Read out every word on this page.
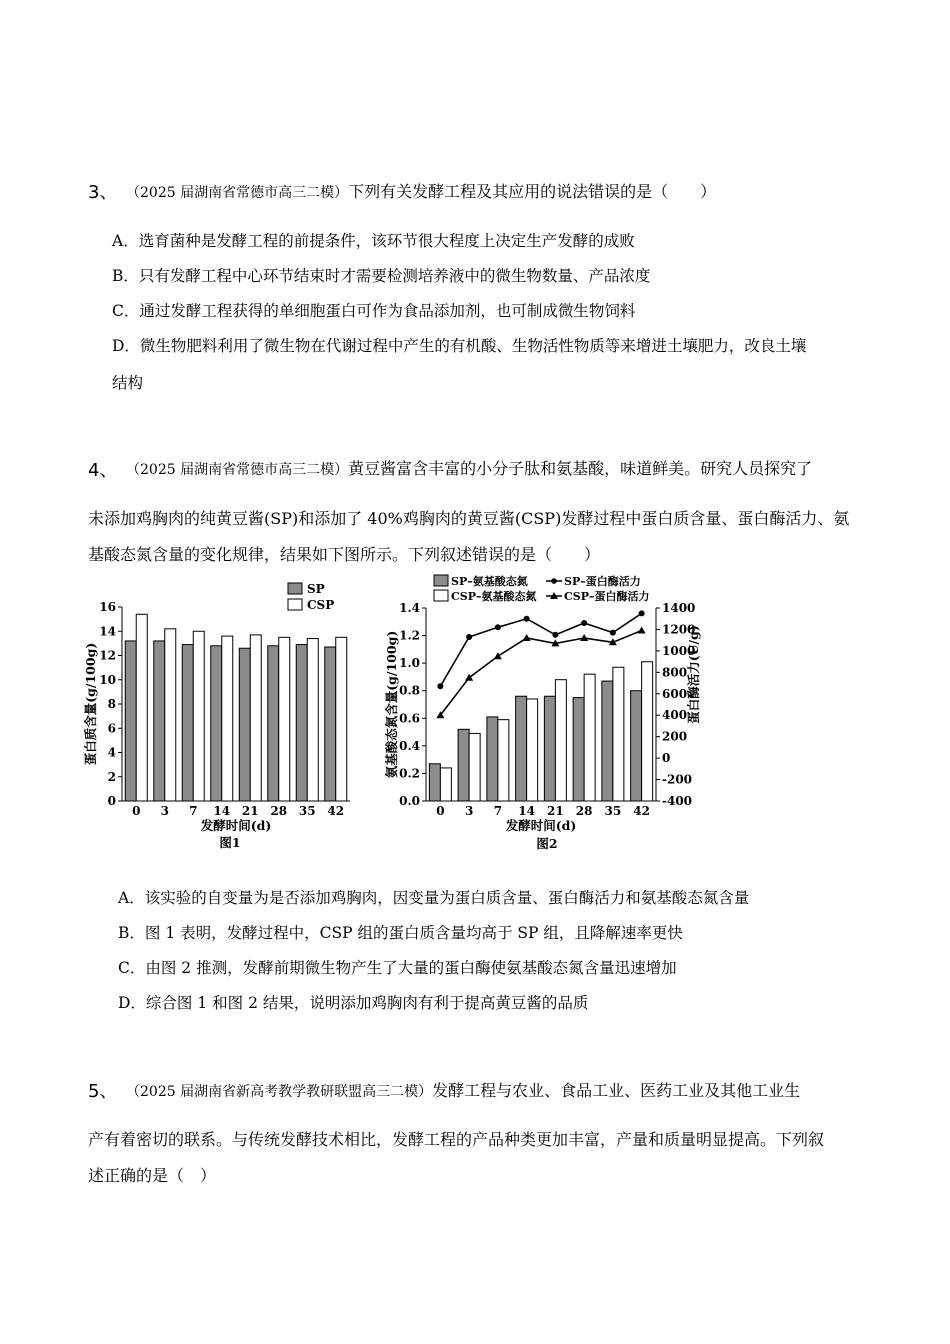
3、 （2025 届湖南省常德市高三二模）下列有关发酵工程及其应用的说法错误的是（　　）
A．选育菌种是发酵工程的前提条件，该环节很大程度上决定生产发酵的成败
B．只有发酵工程中心环节结束时才需要检测培养液中的微生物数量、产品浓度
C．通过发酵工程获得的单细胞蛋白可作为食品添加剂，也可制成微生物饲料
D．微生物肥料利用了微生物在代谢过程中产生的有机酸、生物活性物质等来增进土壤肥力，改良土壤
结构
4、 （2025 届湖南省常德市高三二模）黄豆酱富含丰富的小分子肽和氨基酸，味道鲜美。研究人员探究了
未添加鸡胸肉的纯黄豆酱(SP)和添加了 40%鸡胸肉的黄豆酱(CSP)发酵过程中蛋白质含量、蛋白酶活力、氨
基酸态氮含量的变化规律，结果如下图所示。下列叙述错误的是（　　）
0
2
4
6
8
10
12
14
16
0 3 7 14 21 28 35 42
发酵时间(d)
图1
蛋白质含量(g/100g)
SP
CSP
0.0
0.2
0.4
0.6
0.8
1.0
1.2
1.4
-400
-200
0
200
400
600
800
1000
1200
1400
0 3 7 14 21 28 35 42
发酵时间(d)
图2
氨基酸态氮含量(g/100g)	蛋白酶活力(U/g)
SP–氨基酸态氮
CSP–氨基酸态氮
SP–蛋白酶活力
CSP–蛋白酶活力
A．该实验的自变量为是否添加鸡胸肉，因变量为蛋白质含量、蛋白酶活力和氨基酸态氮含量
B．图 1 表明，发酵过程中，CSP 组的蛋白质含量均高于 SP 组，且降解速率更快
C．由图 2 推测，发酵前期微生物产生了大量的蛋白酶使氨基酸态氮含量迅速增加
D．综合图 1 和图 2 结果，说明添加鸡胸肉有利于提高黄豆酱的品质
5、 （2025 届湖南省新高考教学教研联盟高三二模）发酵工程与农业、食品工业、医药工业及其他工业生
产有着密切的联系。与传统发酵技术相比，发酵工程的产品种类更加丰富，产量和质量明显提高。下列叙
述正确的是（　）
